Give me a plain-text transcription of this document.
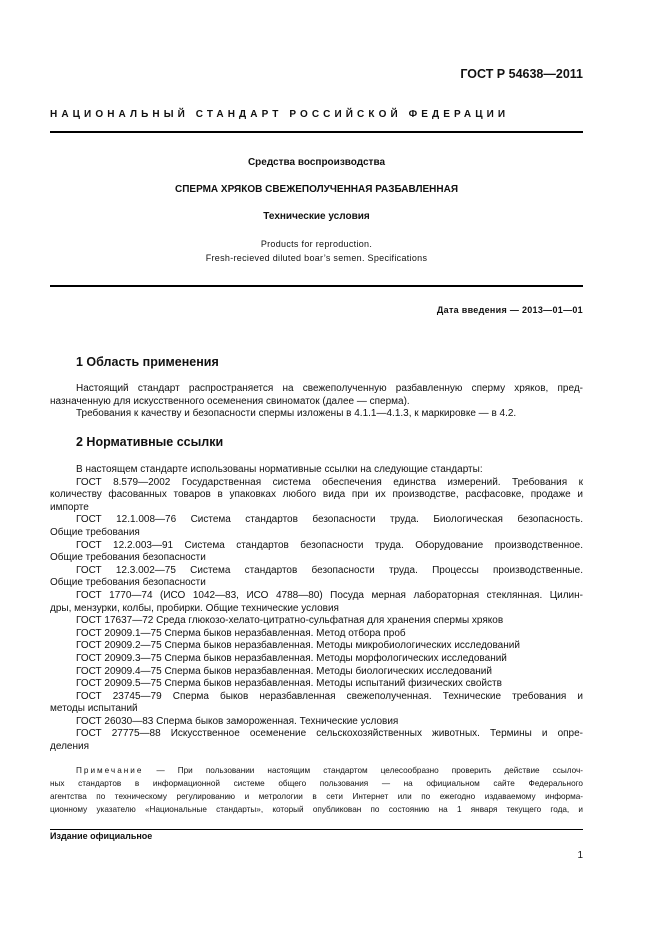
ГОСТ Р 54638—2011
НАЦИОНАЛЬНЫЙ СТАНДАРТ РОССИЙСКОЙ ФЕДЕРАЦИИ
Средства воспроизводства
СПЕРМА ХРЯКОВ СВЕЖЕПОЛУЧЕННАЯ РАЗБАВЛЕННАЯ
Технические условия
Products for reproduction.
Fresh-recieved diluted boar’s semen. Specifications
Дата введения — 2013—01—01
1 Область применения
Настоящий стандарт распространяется на свежеполученную разбавленную сперму хряков, пред-
назначенную для искусственного осеменения свиноматок (далее — сперма).
Требования к качеству и безопасности спермы изложены в 4.1.1—4.1.3, к маркировке — в 4.2.
2 Нормативные ссылки
В настоящем стандарте использованы нормативные ссылки на следующие стандарты:
ГОСТ 8.579—2002 Государственная система обеспечения единства измерений. Требования к
количеству фасованных товаров в упаковках любого вида при их производстве, расфасовке, продаже и
импорте
ГОСТ 12.1.008—76 Система стандартов безопасности труда. Биологическая безопасность.
Общие требования
ГОСТ 12.2.003—91 Система стандартов безопасности труда. Оборудование производственное.
Общие требования безопасности
ГОСТ 12.3.002—75 Система стандартов безопасности труда. Процессы производственные.
Общие требования безопасности
ГОСТ 1770—74 (ИСО 1042—83, ИСО 4788—80) Посуда мерная лабораторная стеклянная. Цилин-
дры, мензурки, колбы, пробирки. Общие технические условия
ГОСТ 17637—72 Среда глюкозо-хелато-цитратно-сульфатная для хранения спермы хряков
ГОСТ 20909.1—75 Сперма быков неразбавленная. Метод отбора проб
ГОСТ 20909.2—75 Сперма быков неразбавленная. Методы микробиологических исследований
ГОСТ 20909.3—75 Сперма быков неразбавленная. Методы морфологических исследований
ГОСТ 20909.4—75 Сперма быков неразбавленная. Методы биологических исследований
ГОСТ 20909.5—75 Сперма быков неразбавленная. Методы испытаний физических свойств
ГОСТ 23745—79 Сперма быков неразбавленная свежеполученная. Технические требования и
методы испытаний
ГОСТ 26030—83 Сперма быков замороженная. Технические условия
ГОСТ 27775—88 Искусственное осеменение сельскохозяйственных животных. Термины и опре-
деления
Примечание — При пользовании настоящим стандартом целесообразно проверить действие ссылоч-
ных стандартов в информационной системе общего пользования — на официальном сайте Федерального
агентства по техническому регулированию и метрологии в сети Интернет или по ежегодно издаваемому информа-
ционному указателю «Национальные стандарты», который опубликован по состоянию на 1 января текущего года, и
Издание официальное
1
